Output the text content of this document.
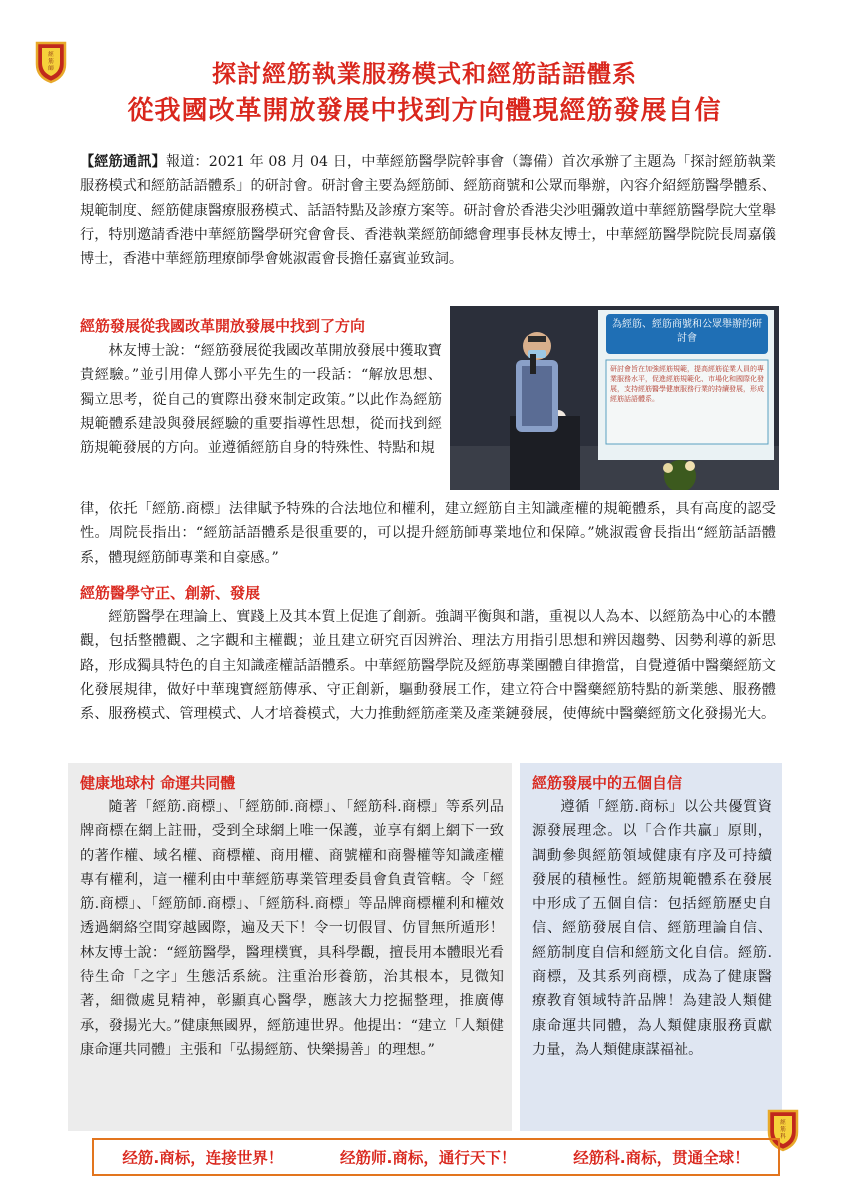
經
筋
師	探討經筋執業服務模式和經筋話語體系
從我國改革開放發展中找到方向體現經筋發展自信

【經筋通訊】報道：2021 年 08 月 04 日，中華經筋醫學院幹事會（籌備）首次承辦了主題為「探討經筋執業服務模式和經筋話語體系」的研討會。研討會主要為經筋師、經筋商號和公眾而舉辦，內容介紹經筋醫學體系、規範制度、經筋健康醫療服務模式、話語特點及診療方案等。研討會於香港尖沙咀彌敦道中華經筋醫學院大堂舉行，特別邀請香港中華經筋醫學研究會會長、香港執業經筋師總會理事長林友博士，中華經筋醫學院院長周嘉儀博士，香港中華經筋理療師學會姚淑霞會長擔任嘉賓並致詞。

經筋發展從我國改革開放發展中找到了方向

林友博士說：“經筋發展從我國改革開放發展中獲取寶貴經驗。”並引用偉人鄧小平先生的一段話：“解放思想、獨立思考，從自己的實際出發來制定政策。”以此作為經筋規範體系建設與發展經驗的重要指導性思想，從而找到經筋規範發展的方向。並遵循經筋自身的特殊性、特點和規

為經筋、經筋商號和公眾舉辦的研討會
研討會旨在加強經筋規範，提高經筋從業人員的專業服務水平，促進經筋規範化、市場化和國際化發展，支持經筋醫學健康服務行業的持續發展，形成經筋話語體系。

律，依托「經筋.商標」法律賦予特殊的合法地位和權利，建立經筋自主知識產權的規範體系，具有高度的認受性。周院長指出：“經筋話語體系是很重要的，可以提升經筋師專業地位和保障。”姚淑霞會長指出“經筋話語體系，體現經筋師專業和自豪感。”

經筋醫學守正、創新、發展

經筋醫學在理論上、實踐上及其本質上促進了創新。強調平衡與和諧，重視以人為本、以經筋為中心的本體觀，包括整體觀、之字觀和主權觀；並且建立研究百因辨治、理法方用指引思想和辨因趨勢、因勢利導的新思路，形成獨具特色的自主知識產權話語體系。中華經筋醫學院及經筋專業團體自律擔當，自覺遵循中醫藥經筋文化發展規律，做好中華瑰寶經筋傳承、守正創新，驅動發展工作，建立符合中醫藥經筋特點的新業態、服務體系、服務模式、管理模式、人才培養模式，大力推動經筋產業及產業鏈發展，使傳統中醫藥經筋文化發揚光大。

健康地球村 命運共同體

隨著「經筋.商標」、「經筋師.商標」、「經筋科.商標」等系列品牌商標在網上註冊，受到全球網上唯一保護，並享有網上網下一致的著作權、域名權、商標權、商用權、商號權和商譽權等知識產權專有權利，這一權利由中華經筋專業管理委員會負責管轄。令「經筋.商標」、「經筋師.商標」、「經筋科.商標」等品牌商標權利和權效透過網絡空間穿越國際，遍及天下！令一切假冒、仿冒無所遁形！林友博士說：“經筋醫學，醫理樸實，具科學觀，擅長用本體眼光看待生命「之字」生態活系統。注重治形養筋，治其根本，見微知著，細微處見精神，彰顯真心醫學，應該大力挖掘整理，推廣傳承，發揚光大。”健康無國界，經筋連世界。他提出：“建立「人類健康命運共同體」主張和「弘揚經筋、快樂揚善」的理想。”

經筋發展中的五個自信

遵循「經筋.商标」以公共優質資源發展理念。以「合作共贏」原則，調動參與經筋領域健康有序及可持續發展的積極性。經筋規範體系在發展中形成了五個自信：包括經筋歷史自信、經筋發展自信、經筋理論自信、經筋制度自信和經筋文化自信。經筋.商標，及其系列商標，成為了健康醫療教育領域特許品牌！為建設人類健康命運共同體，為人類健康服務貢獻力量，為人類健康謀福祉。

經
筋
科
经筋.商标，连接世界！	经筋师.商标，通行天下！	经筋科.商标，贯通全球！
